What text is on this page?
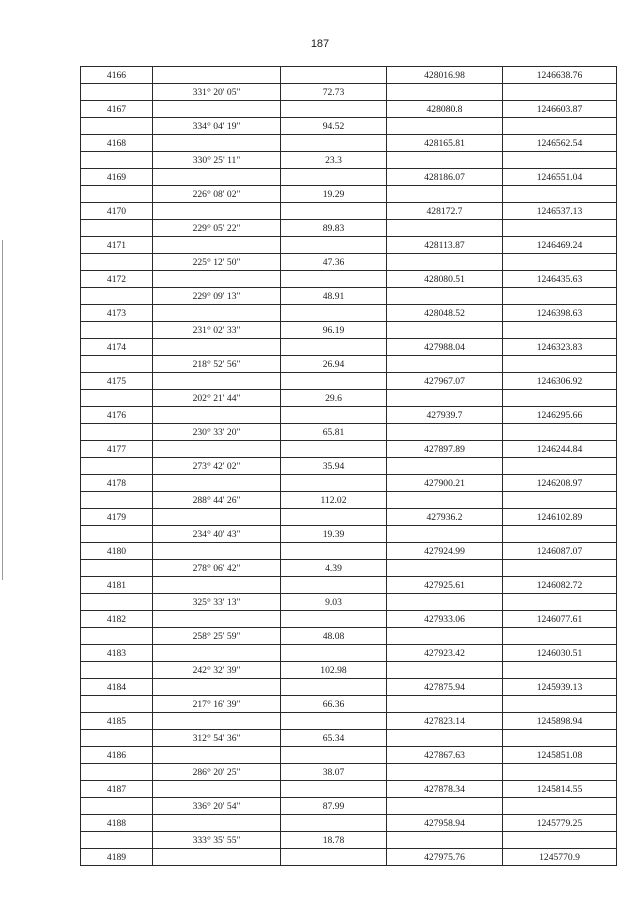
187
4166			428016.98	1246638.76
	331° 20' 05"	72.73		
4167			428080.8	1246603.87
	334° 04' 19"	94.52		
4168			428165.81	1246562.54
	330° 25' 11"	23.3		
4169			428186.07	1246551.04
	226° 08' 02"	19.29		
4170			428172.7	1246537.13
	229° 05' 22"	89.83		
4171			428113.87	1246469.24
	225° 12' 50"	47.36		
4172			428080.51	1246435.63
	229° 09' 13"	48.91		
4173			428048.52	1246398.63
	231° 02' 33"	96.19		
4174			427988.04	1246323.83
	218° 52' 56"	26.94		
4175			427967.07	1246306.92
	202° 21' 44"	29.6		
4176			427939.7	1246295.66
	230° 33' 20"	65.81		
4177			427897.89	1246244.84
	273° 42' 02"	35.94		
4178			427900.21	1246208.97
	288° 44' 26"	112.02		
4179			427936.2	1246102.89
	234° 40' 43"	19.39		
4180			427924.99	1246087.07
	278° 06' 42"	4.39		
4181			427925.61	1246082.72
	325° 33' 13"	9.03		
4182			427933.06	1246077.61
	258° 25' 59"	48.08		
4183			427923.42	1246030.51
	242° 32' 39"	102.98		
4184			427875.94	1245939.13
	217° 16' 39"	66.36		
4185			427823.14	1245898.94
	312° 54' 36"	65.34		
4186			427867.63	1245851.08
	286° 20' 25"	38.07		
4187			427878.34	1245814.55
	336° 20' 54"	87.99		
4188			427958.94	1245779.25
	333° 35' 55"	18.78		
4189			427975.76	1245770.9
